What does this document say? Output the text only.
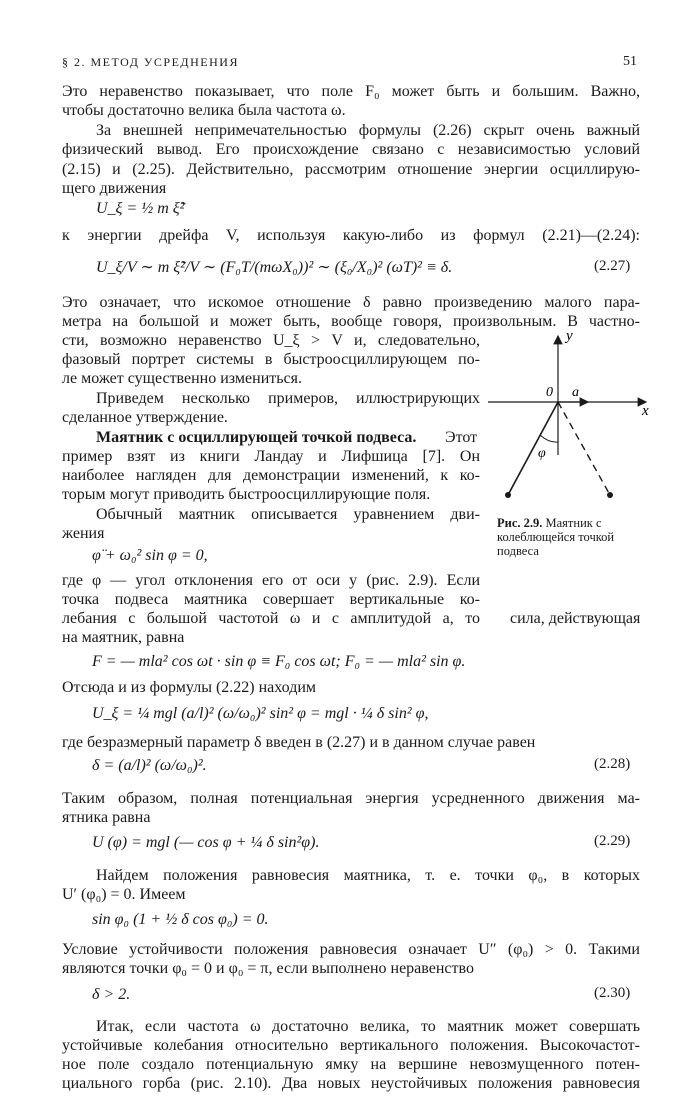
§ 2. МЕТОД УСРЕДНЕНИЯ	51
Это неравенство показывает, что поле F₀ может быть и большим. Важно,
чтобы достаточно велика была частота ω.
За внешней непримечательностью формулы (2.26) скрыт очень важный
физический вывод. Его происхождение связано с независимостью условий
(2.15) и (2.25). Действительно, рассмотрим отношение энергии осциллирую-
щего движения
U_ξ = ½ m ξ̃²
к энергии дрейфа V, используя какую-либо из формул (2.21)—(2.24):
U_ξ/V ∼ m ξ̃²/V ∼ (F₀T/(mωX₀))² ∼ (ξ₀/X₀)² (ωT)² ≡ δ.	(2.27)
Это означает, что искомое отношение δ равно произведению малого пара-
метра на большой и может быть, вообще говоря, произвольным. В частно-
сти, возможно неравенство U_ξ > V и, следовательно,
фазовый портрет системы в быстроосциллирующем по-
ле может существенно измениться.
Приведем несколько примеров, иллюстрирующих
сделанное утверждение.
Маятник с осциллирующей точкой подвеса. Этот
пример взят из книги Ландау и Лифшица [7]. Он
наиболее нагляден для демонстрации изменений, к ко-
торым могут приводить быстроосциллирующие поля.
Обычный маятник описывается уравнением дви-
жения
φ̈ + ω₀² sin φ = 0,
где φ — угол отклонения его от оси y (рис. 2.9). Если
точка подвеса маятника совершает вертикальные ко-
лебания с большой частотой ω и с амплитудой a, то сила, действующая
на маятник, равна
F = — mla² cos ωt · sin φ ≡ F₀ cos ωt; F₀ = — mla² sin φ.
Отсюда и из формулы (2.22) находим
U_ξ = ¼ mgl (a/l)² (ω/ω₀)² sin² φ = mgl · ¼ δ sin² φ,
где безразмерный параметр δ введен в (2.27) и в данном случае равен
δ = (a/l)² (ω/ω₀)².	(2.28)
Таким образом, полная потенциальная энергия усредненного движения ма-
ятника равна
U (φ) = mgl (— cos φ + ¼ δ sin²φ).	(2.29)
Найдем положения равновесия маятника, т. е. точки φ₀, в которых
U′ (φ₀) = 0. Имеем
sin φ₀ (1 + ½ δ cos φ₀) = 0.
Условие устойчивости положения равновесия означает U″ (φ₀) > 0. Такими
являются точки φ₀ = 0 и φ₀ = π, если выполнено неравенство
δ > 2.	(2.30)
Итак, если частота ω достаточно велика, то маятник может совершать
устойчивые колебания относительно вертикального положения. Высокочастот-
ное поле создало потенциальную ямку на вершине невозмущенного потен-
циального горба (рис. 2.10). Два новых неустойчивых положения равновесия
y
x
0 a
φ
Рис. 2.9. Маятник с колеблющейся точкой подвеса
